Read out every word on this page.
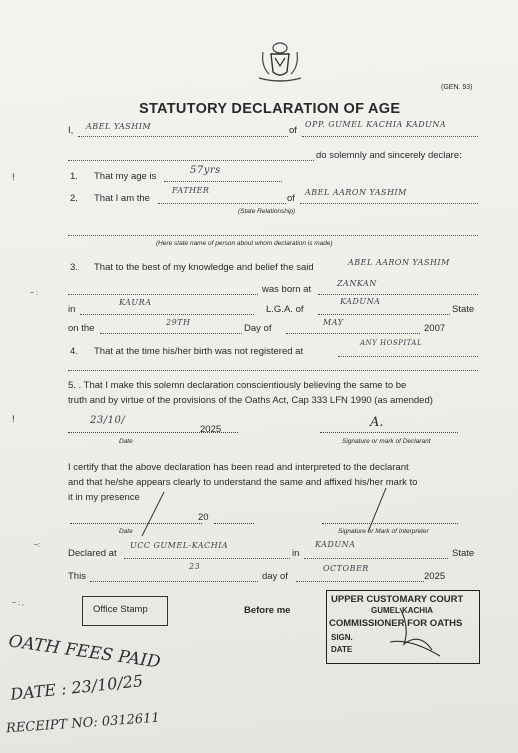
(GEN. 93)
STATUTORY DECLARATION OF AGE
I, ABEL YASHIM	of
OPP. GUMEL KACHIA KADUNA
do solemnly and sincerely declare:
!	1. That my age is
57yrs
2. That I am the
FATHER
of
ABEL AARON YASHIM
(State Relationship)
(Here state name of person about whom declaration is made)
3. That to the best of my knowledge and belief the said	ABEL AARON YASHIM
~ :	was born at
ZANKAN
in
KAURA
L.G.A. of
KADUNA
State
on the
29TH
Day of
MAY
2007
4. That at the time his/her birth was not registered at
ANY HOSPITAL
5. . That I make this solemn declaration conscientiously believing the same to be
truth and by virtue of the provisions of the Oaths Act, Cap 333 LFN 1990 (as amended)
!	23/10/
2025
Date
A.
Signature or mark of Declarant
I certify that the above declaration has been read and interpreted to the declarant
and that he/she appears clearly to understand the same and affixed his/her mark to
it in my presence
20
Date	Signature or Mark of Interpreter
~:
Declared at
UCC GUMEL-KACHIA
in
KADUNA
State
This
23
day of
OCTOBER
2025
~ : ,
Office Stamp	Before me
UPPER CUSTOMARY COURT
GUMEL KACHIA
COMMISSIONER FOR OATHS
SIGN.
DATE
OATH FEES PAID
DATE : 23/10/25
RECEIPT NO: 0312611
